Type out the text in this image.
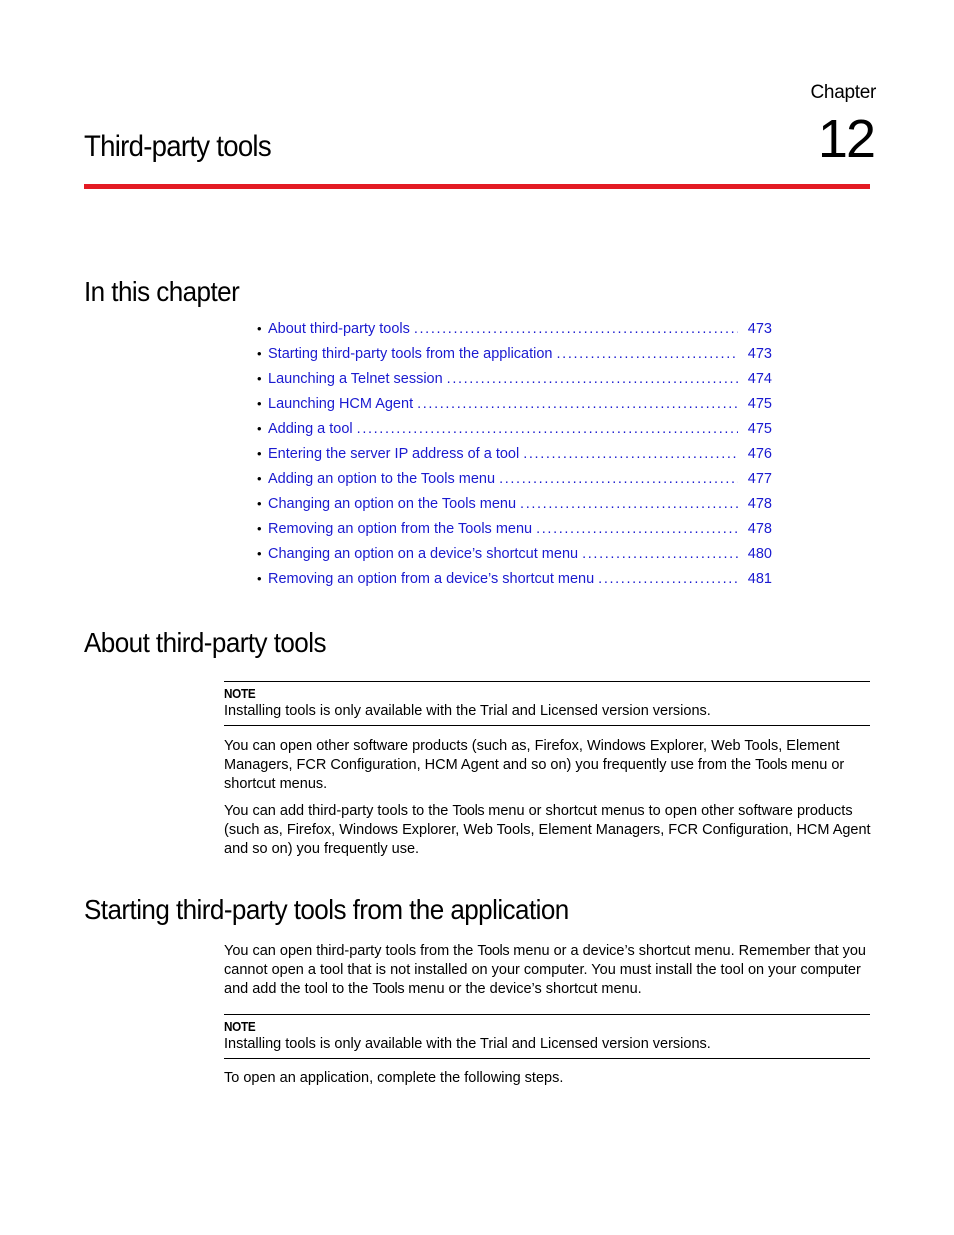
Chapter
12
Third-party tools
In this chapter
• About third-party tools . . .	473
• Starting third-party tools from the application . . .	473
• Launching a Telnet session . . .	474
• Launching HCM Agent . . .	475
• Adding a tool . . .	475
• Entering the server IP address of a tool . . .	476
• Adding an option to the Tools menu . . .	477
• Changing an option on the Tools menu . . .	478
• Removing an option from the Tools menu . . .	478
• Changing an option on a device’s shortcut menu . . .	480
• Removing an option from a device’s shortcut menu . . .	481
About third-party tools
NOTE
Installing tools is only available with the Trial and Licensed version versions.

You can open other software products (such as, Firefox, Windows Explorer, Web Tools, Element Managers, FCR Configuration, HCM Agent and so on) you frequently use from the Tools menu or shortcut menus.

You can add third-party tools to the Tools menu or shortcut menus to open other software products (such as, Firefox, Windows Explorer, Web Tools, Element Managers, FCR Configuration, HCM Agent and so on) you frequently use.

Starting third-party tools from the application

You can open third-party tools from the Tools menu or a device’s shortcut menu. Remember that you cannot open a tool that is not installed on your computer. You must install the tool on your computer and add the tool to the Tools menu or the device’s shortcut menu.

NOTE
Installing tools is only available with the Trial and Licensed version versions.

To open an application, complete the following steps.
